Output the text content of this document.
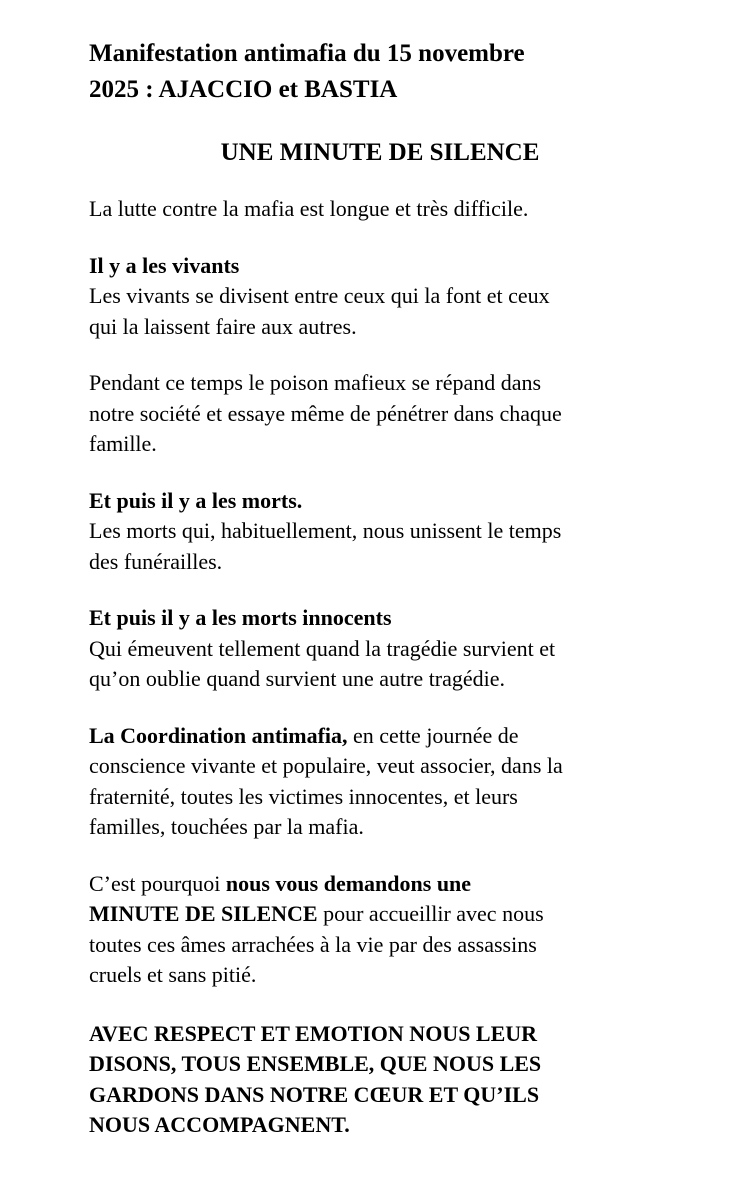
Manifestation antimafia du 15 novembre
2025 : AJACCIO et BASTIA
UNE MINUTE DE SILENCE

La lutte contre la mafia est longue et très difficile.

Il y a les vivants
Les vivants se divisent entre ceux qui la font et ceux
qui la laissent faire aux autres.

Pendant ce temps le poison mafieux se répand dans
notre société et essaye même de pénétrer dans chaque
famille.

Et puis il y a les morts.
Les morts qui, habituellement, nous unissent le temps
des funérailles.

Et puis il y a les morts innocents
Qui émeuvent tellement quand la tragédie survient et
qu’on oublie quand survient une autre tragédie.

La Coordination antimafia, en cette journée de
conscience vivante et populaire, veut associer, dans la
fraternité, toutes les victimes innocentes, et leurs
familles, touchées par la mafia.

C’est pourquoi nous vous demandons une
MINUTE DE SILENCE pour accueillir avec nous
toutes ces âmes arrachées à la vie par des assassins
cruels et sans pitié.

AVEC RESPECT ET EMOTION NOUS LEUR
DISONS, TOUS ENSEMBLE, QUE NOUS LES
GARDONS DANS NOTRE CŒUR ET QU’ILS
NOUS ACCOMPAGNENT.
